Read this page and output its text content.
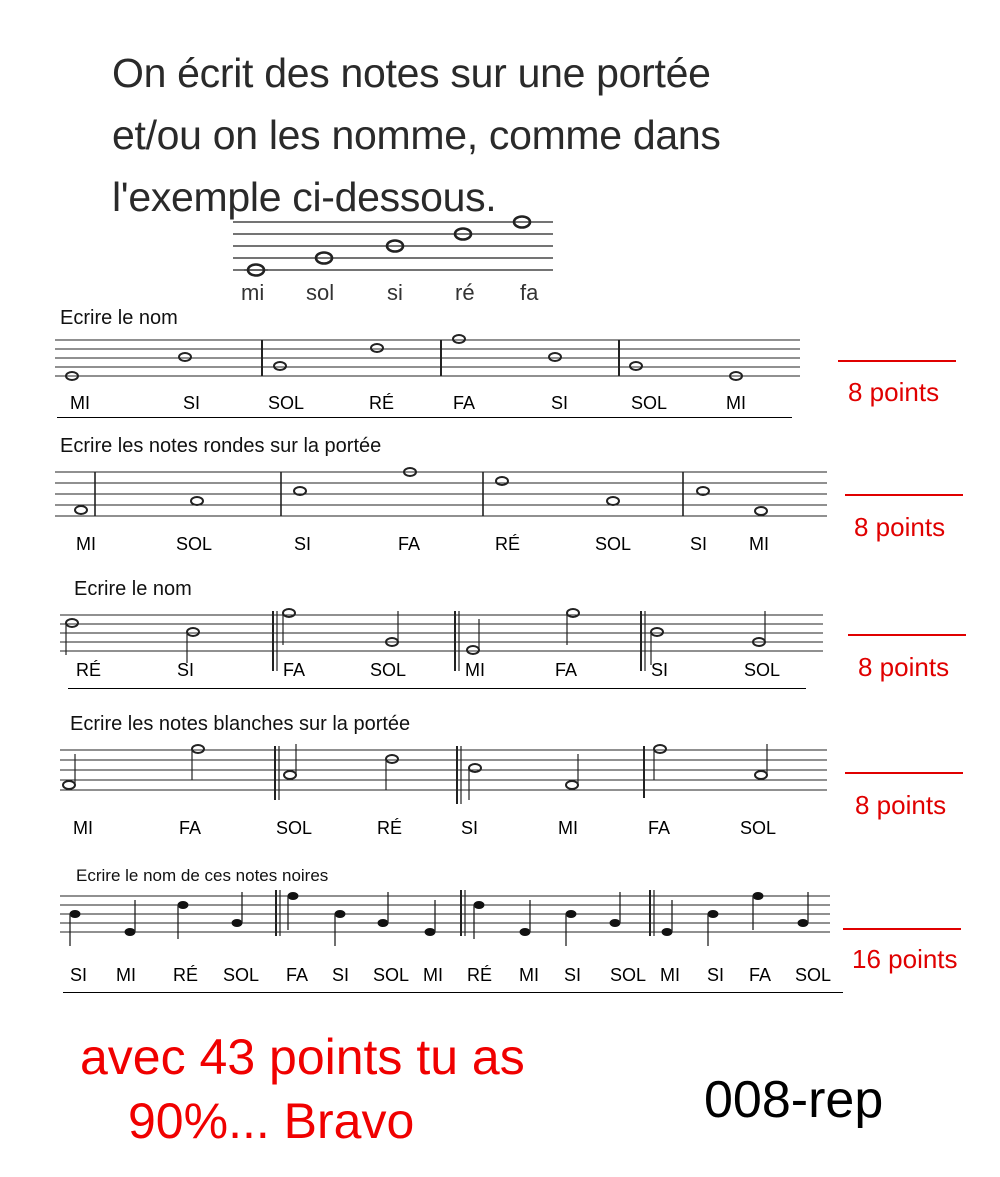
On écrit des notes sur une portée
et/ou on les nomme, comme dans
l'exemple ci-dessous.
mi sol si ré fa
Ecrire le nom
MI	SI	SOL	RÉ	FA	SI	SOL	MI	8 points
Ecrire les notes rondes sur la portée
MI	SOL	SI	FA	RÉ	SOL	SI MI
8 points
Ecrire le nom
RÉ	SI	FA	SOL	MI	FA	SI	SOL	8 points
Ecrire les notes blanches sur la portée
MI	FA	SOL	RÉ	SI	MI	FA	SOL
8 points
Ecrire le nom de ces notes noires
SI MI RÉ SOL FA SI SOL MI RÉ MI SI SOL MI SI FA SOL
16 points
avec 43 points tu as
90%... Bravo	008-rep
